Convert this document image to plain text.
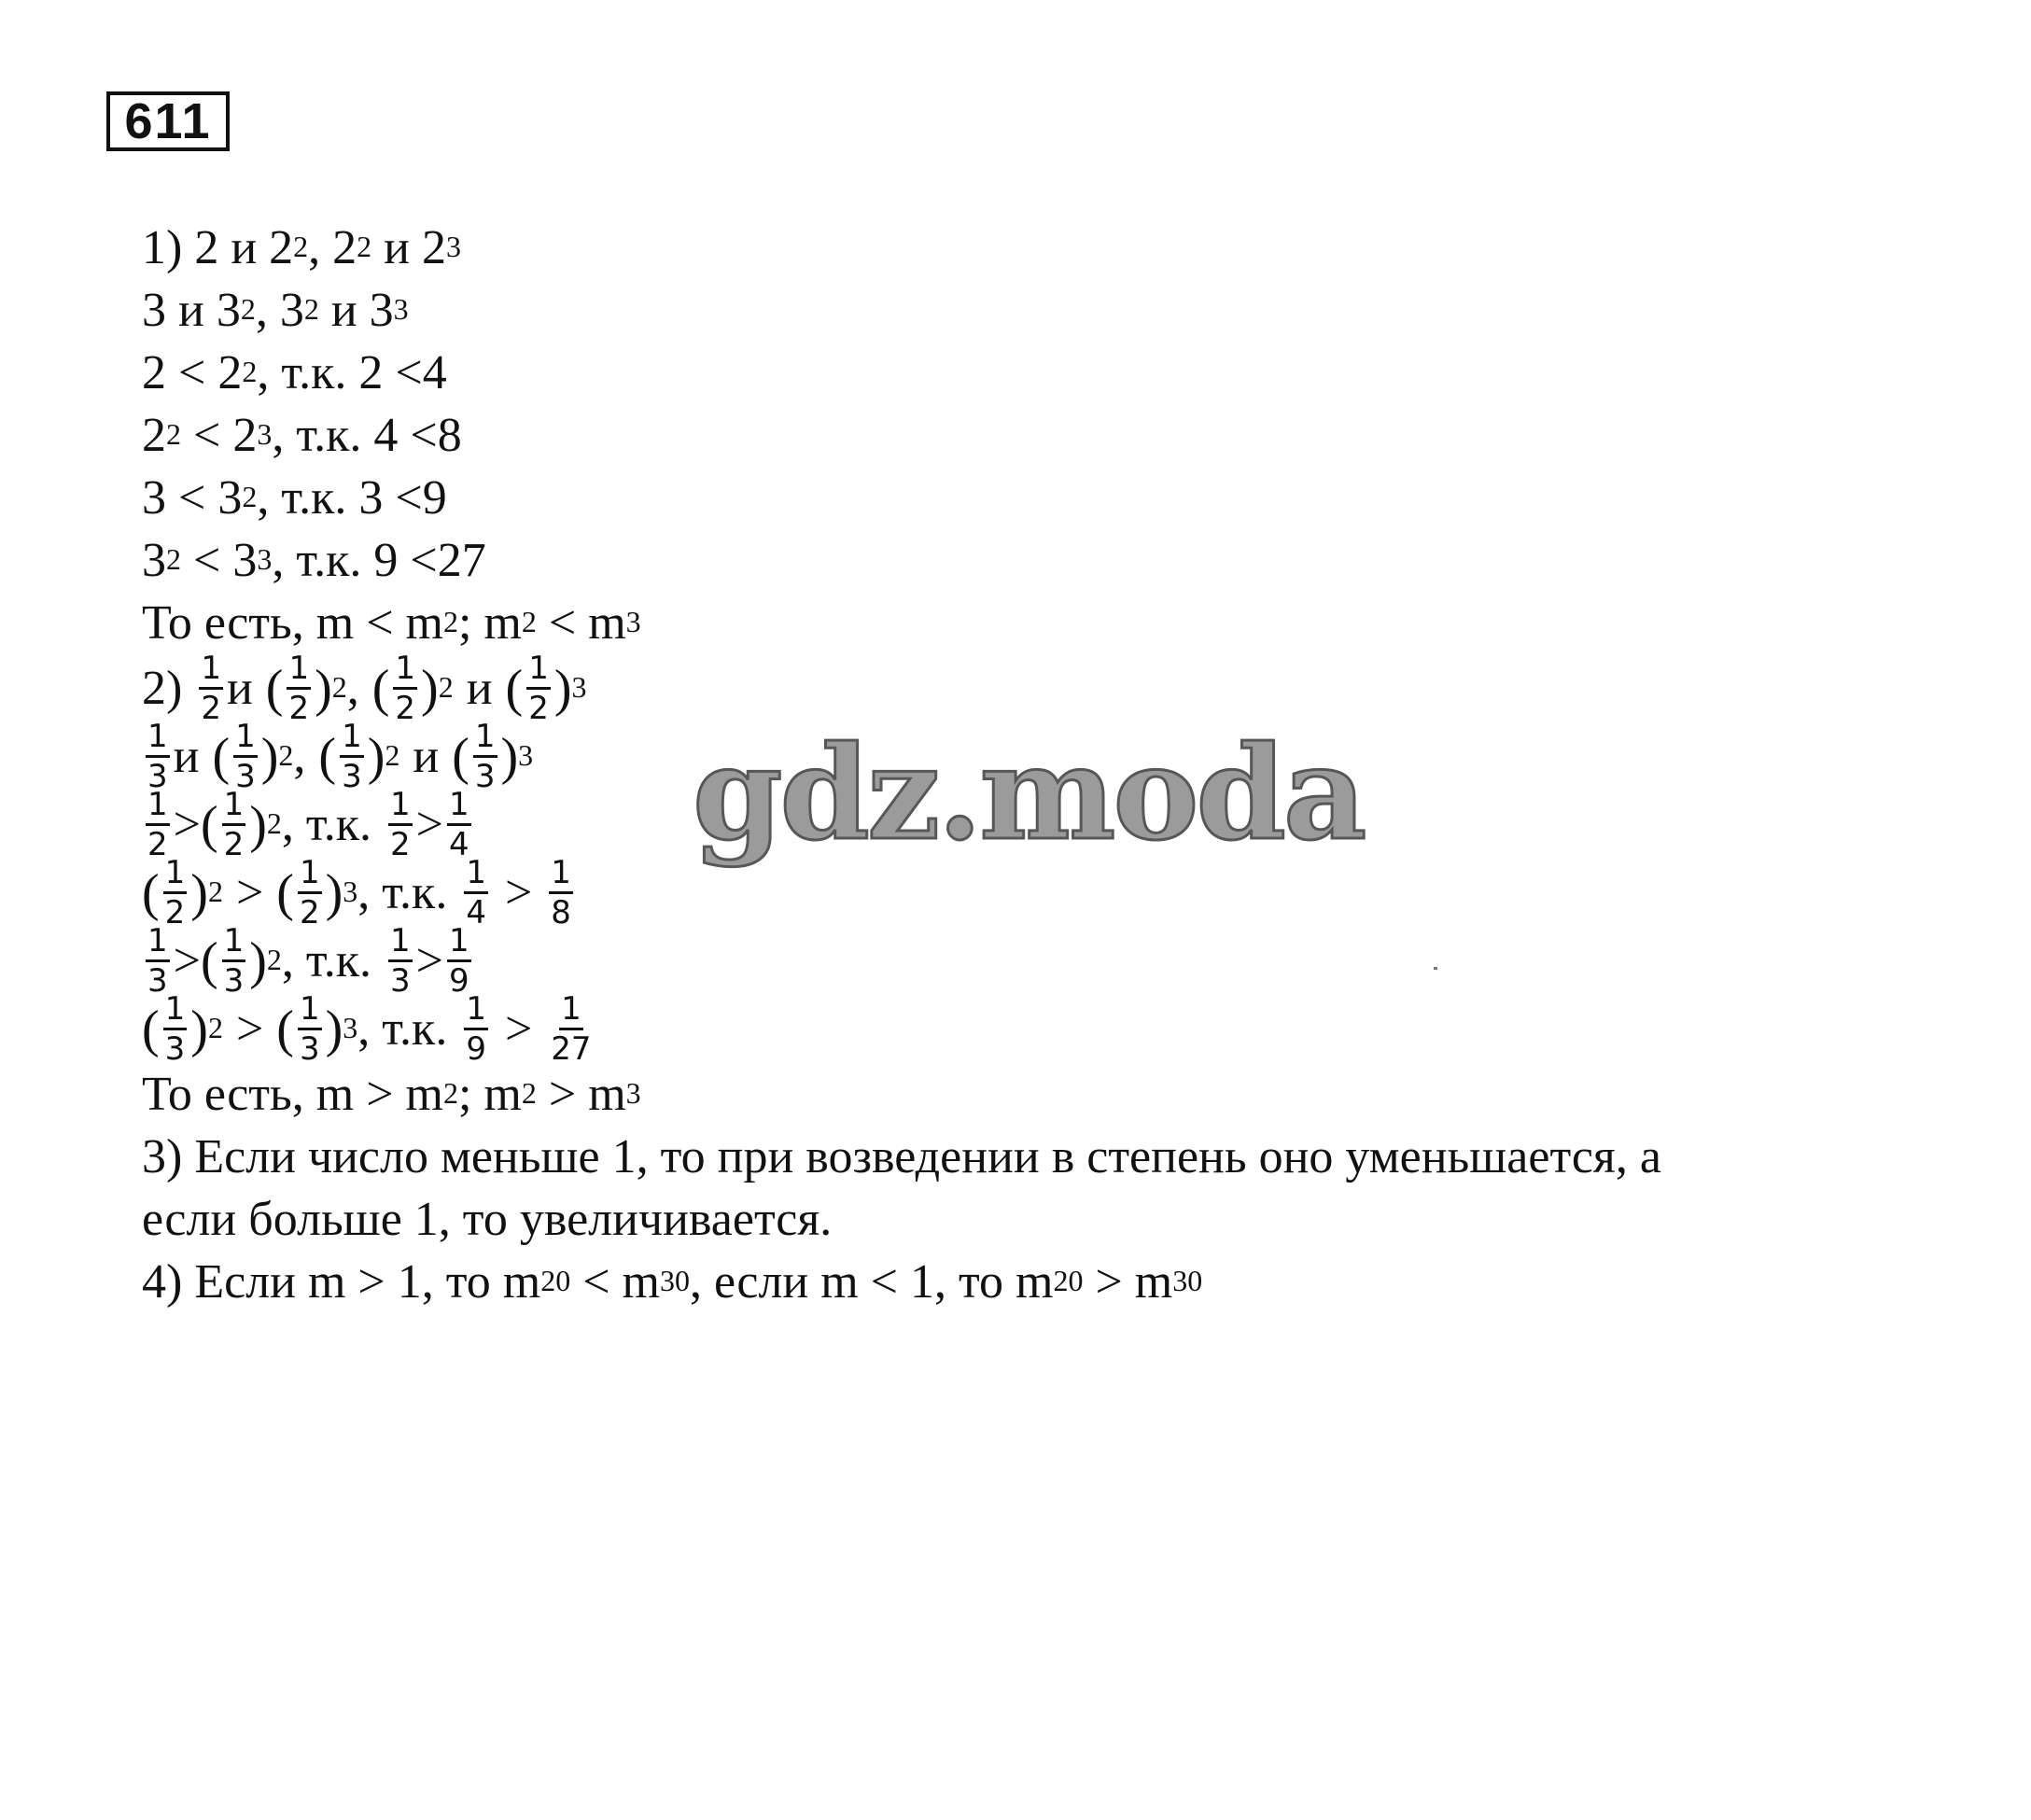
611
1) 2 и $2^2$ , $2^2$ и $2^3$
3 и $3^2$ , $3^2$ и $3^3$
$2 < 2^2$ , т.к. 2 <4
$2^2 < 2^3$ , т.к. 4 <8
$3 < 3^2$ , т.к. 3 <9
$3^2 < 3^3$ , т.к. 9 <27
То есть, $m < m^2$ ; $m^2 < m^3$
$2) \frac{1}{2}$ и ( $\frac{1}{2} )^2$ , ( $\frac{1}{2} )^2$ и ( $\frac{1}{2} )^3$
$\frac{1}{3}$ и ( $\frac{1}{3} )^2$ , ( $\frac{1}{3} )^2$ и ( $\frac{1}{3} )^3$
$\frac{1}{2}$ > ( $\frac{1}{2} )^2$ , т.к. $\frac{1}{2} > \frac{1}{4}$
( $\frac{1}{2} )^2$ > ( $\frac{1}{2} )^3$ , т.к. $\frac{1}{4} > \frac{1}{8}$
$\frac{1}{3}$ > ( $\frac{1}{3} )^2$ , т.к. $\frac{1}{3} > \frac{1}{9}$
( $\frac{1}{3} )^2$ > ( $\frac{1}{3} )^3$ , т.к. $\frac{1}{9} > \frac{1}{27}$
То есть, $m > m^2$ ; $m^2 > m^3$
3) Если число меньше 1, то при возведении в степень оно уменьшается, а
если больше 1, то увеличивается.
4) Если m > 1, то $m^{20} < m^{30}$ , если m < 1, то $m^{20} > m^{30}$
gdz.moda
